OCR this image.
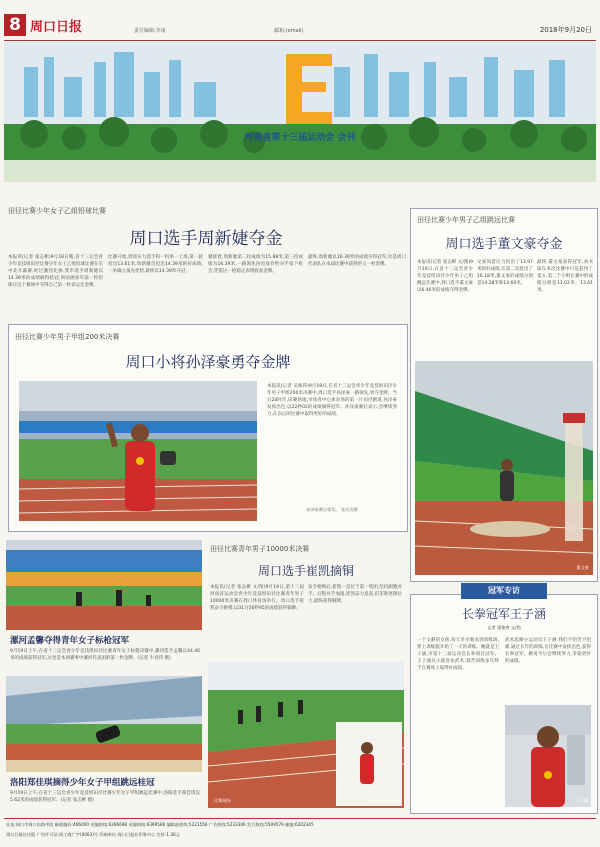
8 周口日报	责任编辑:李南	邮箱:(email)	2018年9月20日
河南省第十三届运动会 会刊
田径比赛少年女子乙组铅球比赛
周口选手周新婕夺金
本报讯(记者 张志彬)9月18日晚,省十三运会青少年竞技组田径比赛少年女子乙组铅球比赛在市中北开幕赛,经过激烈比拼,我市选手周新婕以14.39米的成绩摘得桂冠,周雨涵多年前一枚铅球在这个赛场中夺得自己第一枚省运会金牌。
比赛开始,周郑实力选手和一机率一上场,第一轮投出13.61米,周新婕首投出14.39米的好成绩,一举确立领先优势,最终以14.39米夺冠。
紧接着,周新婕第二投成绩为15.88米,第三投成绩为16.39米,一路领先再也没有给对手留下机会,凭借这一枪稳定表现收获金牌。
最终,周新婕以16.39米的成绩夺得冠军,这是周口代表队在本届比赛中获得的又一枚金牌。
田径比赛少年男子甲组200米决赛
周口小将孙泽豪勇夺金牌
本报讯(记者 吴姝萍)9月18日,在省十三运会青少年竞技组田径少年男子甲组200米决赛中,周口选手孙泽豪一路领先,勇夺金牌。当日20时许,田赛场地,市体育中心体育场的第一片田径跑道,孙泽豪发挥出色,以22秒02的成绩摘得冠军。孙泽豪赛后表示,会继续努力,在以后的比赛中取得更好的成绩。
孙泽豪赛后领奖。 张庆涛摄
田径比赛少年男子乙组跳远比赛
周口选手董文豪夺金
本报讯(记者 张志彬 文/图)9月19日,在省十三运会青少年竞技组田径少年男子乙组跳远比赛中,周口选手董文豪以6.46米的成绩夺得金牌。
文豪顶着压力投出了13.97米的好成绩,在第二次投出了16.18米,董文豪的成绩分别是14.28米和14.60米。
最终,董文豪获得冠军,刘书琼在本次比赛中只是获得了第五,第二个小组在赛中的成绩分别是13.03米、13.61米。
董文豪
漯河孟馨夺得青年女子标枪冠军
9月19日上午,在省十三运会青少年竞技组田径比赛青年女子标枪决赛中,漯河选手孟馨以44.46米的成绩获得冠军,这也是本项赛事中漯河代表团的第一枚金牌。(记者 牛君伟 摄)
洛阳郑佳琪摘得少年女子甲组跳远桂冠
9月19日上午,在省十三运会青少年竞技组田径比赛少年女子甲组跳远比赛中,洛阳选手郑佳琪以5.62米的成绩获得冠军。(记者 张志彬 摄)
田径比赛青年男子10000米决赛
周口选手崔凯摘铜
本报讯(记者 张志彬 文/图)9月19日,第十三届河南省运动会青少年竞技组田径比赛青年男子10000米决赛在周口体育场举行。周口选手崔凯奋力拼搏,以31分56秒95的成绩获得铜牌。
发令枪响后,崔凯一直位于第一集团,坚持跟跑对手。后程对手加速,崔凯奋力追赶,但差距逐渐拉大,最终获得铜牌。
比赛现场	周口选手崔凯
冠军专访
长拳冠军王子涵
记者 梁艳香 文/图
一个文静的女孩,每天早早地来到训练场,穿上训练服开始了一天的训练。她就是王子涵,市第十三届运动会长拳项目冠军。王子涵从小就喜欢武术,刻苦训练多年终于在赛场上取得好成绩。
武术套路小运动员王子涵:我们不怕苦不怕累,通过长年的训练,在比赛中发挥出色,获得长拳冠军。她说今后会继续努力,争取更好的成绩。
王子涵
社址:周口市周口东路中段 邮政编码:466000 采编热线:6266698 采编热线:6399586 编辑部热线:5221556 广告热线:5233306 发行热线:5599579 邮编:6202345
周口日报社出版 广告许可证:周工商广字(0003)号 印刷单位:周口日报社印务中心 定价:1.30元
